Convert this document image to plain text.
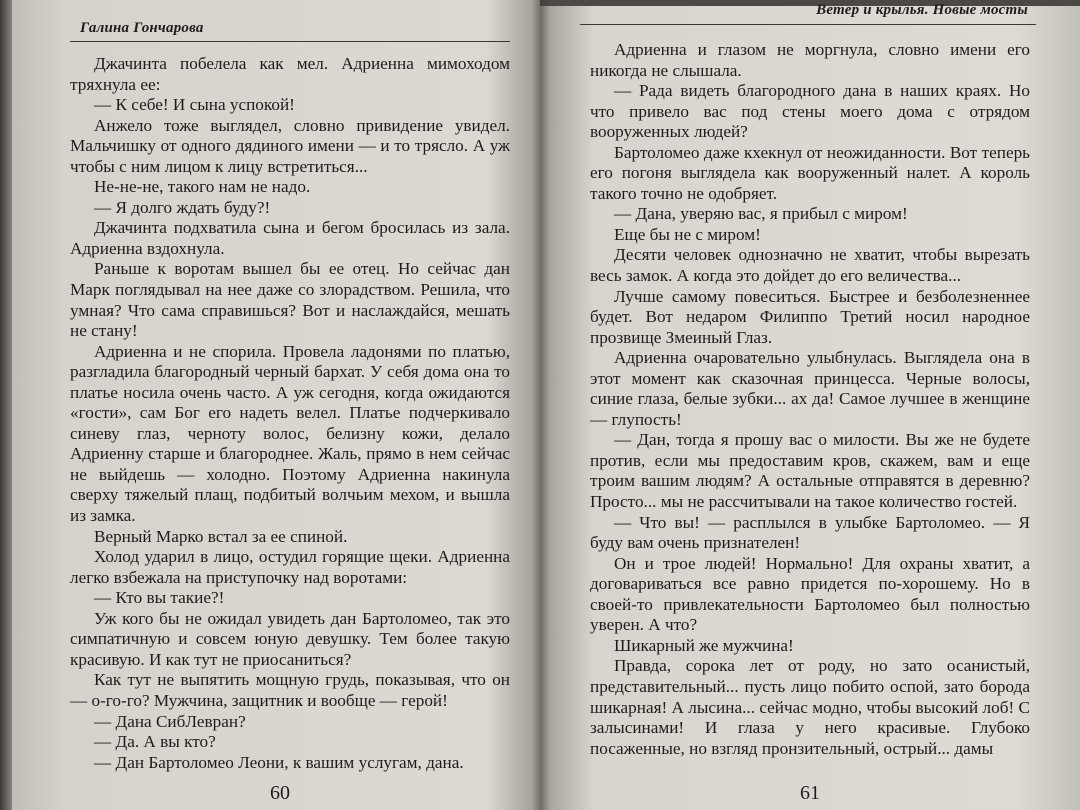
Галина Гончарова

Джачинта побелела как мел. Адриенна мимоходом тряхнула ее:

— К себе! И сына успокой!

Анжело тоже выглядел, словно привидение увидел. Мальчишку от одного дядиного имени — и то трясло. А уж чтобы с ним лицом к лицу встретиться...

Не-не-не, такого нам не надо.

— Я долго ждать буду?!

Джачинта подхватила сына и бегом бросилась из зала. Адриенна вздохнула.

Раньше к воротам вышел бы ее отец. Но сейчас дан Марк поглядывал на нее даже со злорадством. Решила, что умная? Что сама справишься? Вот и наслаждайся, мешать не стану!

Адриенна и не спорила. Провела ладонями по платью, разгладила благородный черный бархат. У себя дома она то платье носила очень часто. А уж сегодня, когда ожидаются «гости», сам Бог его надеть велел. Платье подчеркивало синеву глаз, черноту волос, белизну кожи, делало Адриенну старше и благороднее. Жаль, прямо в нем сейчас не выйдешь — холодно. Поэтому Адриенна накинула сверху тяжелый плащ, подбитый волчьим мехом, и вышла из замка.

Верный Марко встал за ее спиной.

Холод ударил в лицо, остудил горящие щеки. Адриенна легко взбежала на приступочку над воротами:

— Кто вы такие?!

Уж кого бы не ожидал увидеть дан Бартоломео, так это симпатичную и совсем юную девушку. Тем более такую красивую. И как тут не приосаниться?

Как тут не выпятить мощную грудь, показывая, что он — о-го-го? Мужчина, защитник и вообще — герой!

— Дана СибЛевран?

— Да. А вы кто?

— Дан Бартоломео Леони, к вашим услугам, дана.

60
Ветер и крылья. Новые мосты

Адриенна и глазом не моргнула, словно имени его никогда не слышала.

— Рада видеть благородного дана в наших краях. Но что привело вас под стены моего дома с отрядом вооруженных людей?

Бартоломео даже кхекнул от неожиданности. Вот теперь его погоня выглядела как вооруженный налет. А король такого точно не одобряет.

— Дана, уверяю вас, я прибыл с миром!

Еще бы не с миром!

Десяти человек однозначно не хватит, чтобы вырезать весь замок. А когда это дойдет до его величества...

Лучше самому повеситься. Быстрее и безболезненнее будет. Вот недаром Филиппо Третий носил народное прозвище Змеиный Глаз.

Адриенна очаровательно улыбнулась. Выглядела она в этот момент как сказочная принцесса. Черные волосы, синие глаза, белые зубки... ах да! Самое лучшее в женщине — глупость!

— Дан, тогда я прошу вас о милости. Вы же не будете против, если мы предоставим кров, скажем, вам и еще троим вашим людям? А остальные отправятся в деревню? Просто... мы не рассчитывали на такое количество гостей.

— Что вы! — расплылся в улыбке Бартоломео. — Я буду вам очень признателен!

Он и трое людей! Нормально! Для охраны хватит, а договариваться все равно придется по-хорошему. Но в своей-то привлекательности Бартоломео был полностью уверен. А что?

Шикарный же мужчина!

Правда, сорока лет от роду, но зато осанистый, представительный... пусть лицо побито оспой, зато борода шикарная! А лысина... сейчас модно, чтобы высокий лоб! С залысинами! И глаза у него красивые. Глубоко посаженные, но взгляд пронзительный, острый... дамы

61
